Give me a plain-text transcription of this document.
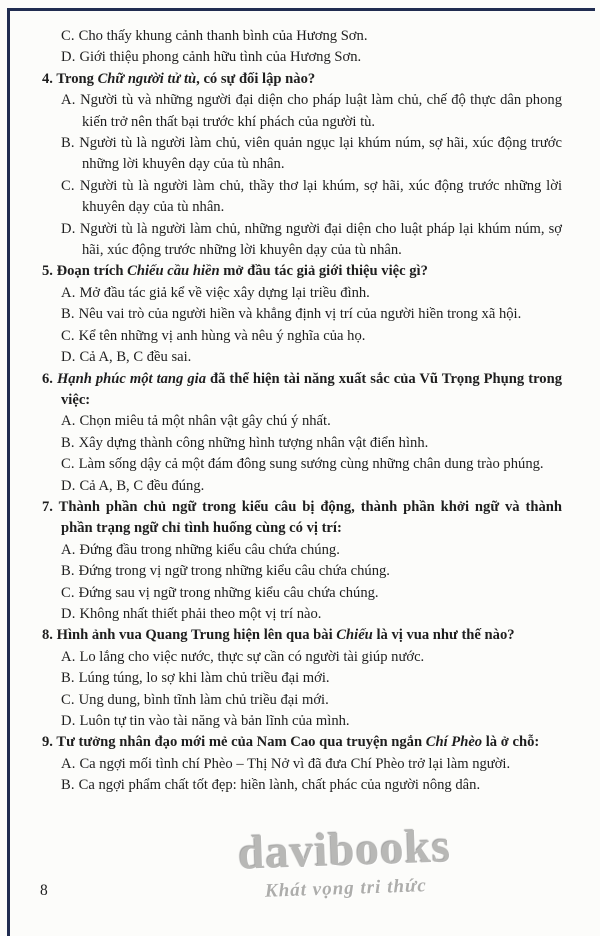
C. Cho thấy khung cảnh thanh bình của Hương Sơn.
D. Giới thiệu phong cảnh hữu tình của Hương Sơn.
4. Trong Chữ người tử tù, có sự đối lập nào?
A. Người tù và những người đại diện cho pháp luật làm chủ, chế độ thực dân phong kiến trở nên thất bại trước khí phách của người tù.
B. Người tù là người làm chủ, viên quản ngục lại khúm núm, sợ hãi, xúc động trước những lời khuyên dạy của tù nhân.
C. Người tù là người làm chủ, thầy thơ lại khúm, sợ hãi, xúc động trước những lời khuyên dạy của tù nhân.
D. Người tù là người làm chủ, những người đại diện cho luật pháp lại khúm núm, sợ hãi, xúc động trước những lời khuyên dạy của tù nhân.
5. Đoạn trích Chiếu cầu hiền mở đầu tác giả giới thiệu việc gì?
A. Mở đầu tác giả kể về việc xây dựng lại triều đình.
B. Nêu vai trò của người hiền và khẳng định vị trí của người hiền trong xã hội.
C. Kể tên những vị anh hùng và nêu ý nghĩa của họ.
D. Cả A, B, C đều sai.
6. Hạnh phúc một tang gia đã thể hiện tài năng xuất sắc của Vũ Trọng Phụng trong việc:
A. Chọn miêu tả một nhân vật gây chú ý nhất.
B. Xây dựng thành công những hình tượng nhân vật điển hình.
C. Làm sống dậy cả một đám đông sung sướng cùng những chân dung trào phúng.
D. Cả A, B, C đều đúng.
7. Thành phần chủ ngữ trong kiểu câu bị động, thành phần khởi ngữ và thành phần trạng ngữ chỉ tình huống cùng có vị trí:
A. Đứng đầu trong những kiểu câu chứa chúng.
B. Đứng trong vị ngữ trong những kiểu câu chứa chúng.
C. Đứng sau vị ngữ trong những kiểu câu chứa chúng.
D. Không nhất thiết phải theo một vị trí nào.
8. Hình ảnh vua Quang Trung hiện lên qua bài Chiếu là vị vua như thế nào?
A. Lo lắng cho việc nước, thực sự cần có người tài giúp nước.
B. Lúng túng, lo sợ khi làm chủ triều đại mới.
C. Ung dung, bình tĩnh làm chủ triều đại mới.
D. Luôn tự tin vào tài năng và bản lĩnh của mình.
9. Tư tưởng nhân đạo mới mẻ của Nam Cao qua truyện ngắn Chí Phèo là ở chỗ:
A. Ca ngợi mối tình chí Phèo – Thị Nở vì đã đưa Chí Phèo trở lại làm người.
B. Ca ngợi phẩm chất tốt đẹp: hiền lành, chất phác của người nông dân.
8
davibooks
Khát vọng tri thức
